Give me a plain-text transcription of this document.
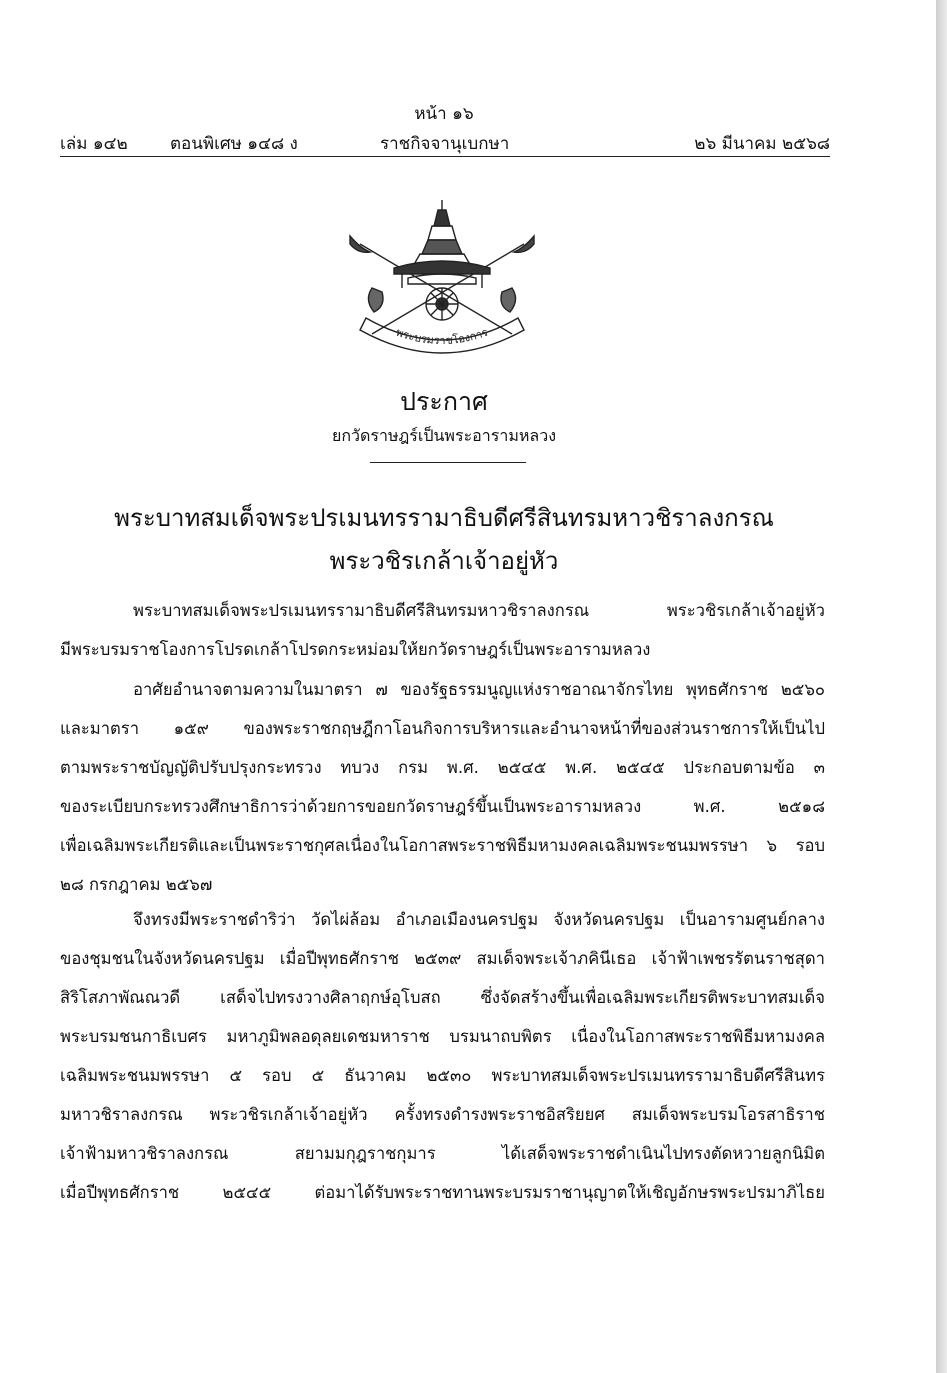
หน้า ๑๖
เล่ม ๑๔๒ ตอนพิเศษ ๑๔๘ ง	ราชกิจจานุเบกษา	๒๖ มีนาคม ๒๕๖๘
พระบรมราชโองการ
ประกาศ
ยกวัดราษฎร์เป็นพระอารามหลวง
พระบาทสมเด็จพระปรเมนทรรามาธิบดีศรีสินทรมหาวชิราลงกรณ
พระวชิรเกล้าเจ้าอยู่หัว
พระบาทสมเด็จพระปรเมนทรรามาธิบดีศรีสินทรมหาวชิราลงกรณ พระวชิรเกล้าเจ้าอยู่หัว
มีพระบรมราชโองการโปรดเกล้าโปรดกระหม่อมให้ยกวัดราษฎร์เป็นพระอารามหลวง
อาศัยอำนาจตามความในมาตรา ๗ ของรัฐธรรมนูญแห่งราชอาณาจักรไทย พุทธศักราช ๒๕๖๐
และมาตรา ๑๕๙ ของพระราชกฤษฎีกาโอนกิจการบริหารและอำนาจหน้าที่ของส่วนราชการให้เป็นไป
ตามพระราชบัญญัติปรับปรุงกระทรวง ทบวง กรม พ.ศ. ๒๕๔๕ พ.ศ. ๒๕๔๕ ประกอบตามข้อ ๓
ของระเบียบกระทรวงศึกษาธิการว่าด้วยการขอยกวัดราษฎร์ขึ้นเป็นพระอารามหลวง พ.ศ. ๒๕๑๘
เพื่อเฉลิมพระเกียรติและเป็นพระราชกุศลเนื่องในโอกาสพระราชพิธีมหามงคลเฉลิมพระชนมพรรษา ๖ รอบ
๒๘ กรกฎาคม ๒๕๖๗
จึงทรงมีพระราชดำริว่า วัดไผ่ล้อม อำเภอเมืองนครปฐม จังหวัดนครปฐม เป็นอารามศูนย์กลาง
ของชุมชนในจังหวัดนครปฐม เมื่อปีพุทธศักราช ๒๕๓๙ สมเด็จพระเจ้าภคินีเธอ เจ้าฟ้าเพชรรัตนราชสุดา
สิริโสภาพัณณวดี เสด็จไปทรงวางศิลาฤกษ์อุโบสถ ซึ่งจัดสร้างขึ้นเพื่อเฉลิมพระเกียรติพระบาทสมเด็จ
พระบรมชนกาธิเบศร มหาภูมิพลอดุลยเดชมหาราช บรมนาถบพิตร เนื่องในโอกาสพระราชพิธีมหามงคล
เฉลิมพระชนมพรรษา ๕ รอบ ๕ ธันวาคม ๒๕๓๐ พระบาทสมเด็จพระปรเมนทรรามาธิบดีศรีสินทร
มหาวชิราลงกรณ พระวชิรเกล้าเจ้าอยู่หัว ครั้งทรงดำรงพระราชอิสริยยศ สมเด็จพระบรมโอรสาธิราช
เจ้าฟ้ามหาวชิราลงกรณ สยามมกุฎราชกุมาร ได้เสด็จพระราชดำเนินไปทรงตัดหวายลูกนิมิต
เมื่อปีพุทธศักราช ๒๕๔๕ ต่อมาได้รับพระราชทานพระบรมราชานุญาตให้เชิญอักษรพระปรมาภิไธย
